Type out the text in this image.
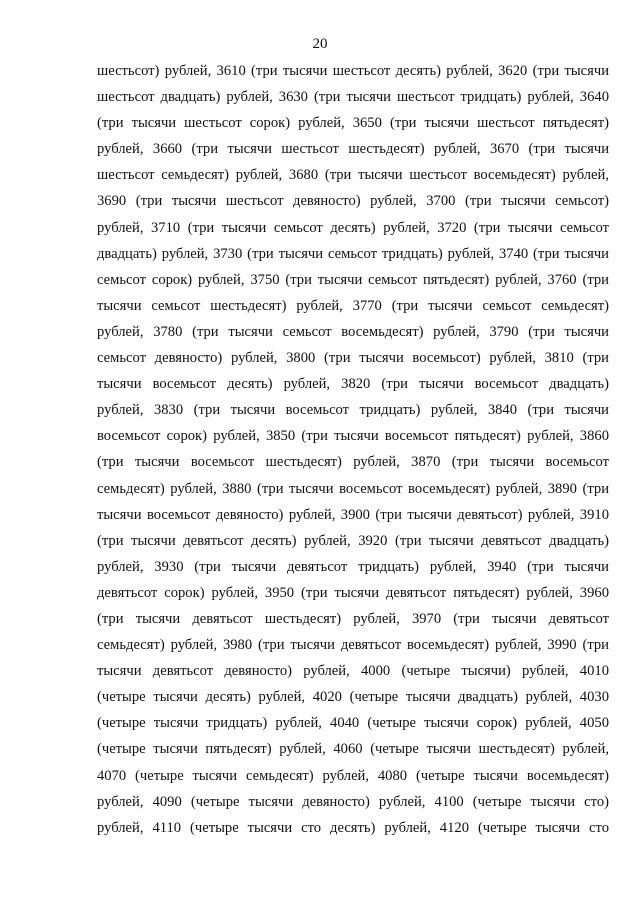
20
шестьсот) рублей, 3610 (три тысячи шестьсот десять) рублей, 3620 (три тысячи
шестьсот двадцать) рублей, 3630 (три тысячи шестьсот тридцать) рублей, 3640
(три тысячи шестьсот сорок) рублей, 3650 (три тысячи шестьсот пятьдесят)
рублей, 3660 (три тысячи шестьсот шестьдесят) рублей, 3670 (три тысячи
шестьсот семьдесят) рублей, 3680 (три тысячи шестьсот восемьдесят) рублей,
3690 (три тысячи шестьсот девяносто) рублей, 3700 (три тысячи семьсот)
рублей, 3710 (три тысячи семьсот десять) рублей, 3720 (три тысячи семьсот
двадцать) рублей, 3730 (три тысячи семьсот тридцать) рублей, 3740 (три тысячи
семьсот сорок) рублей, 3750 (три тысячи семьсот пятьдесят) рублей, 3760 (три
тысячи семьсот шестьдесят) рублей, 3770 (три тысячи семьсот семьдесят)
рублей, 3780 (три тысячи семьсот восемьдесят) рублей, 3790 (три тысячи
семьсот девяносто) рублей, 3800 (три тысячи восемьсот) рублей, 3810 (три
тысячи восемьсот десять) рублей, 3820 (три тысячи восемьсот двадцать)
рублей, 3830 (три тысячи восемьсот тридцать) рублей, 3840 (три тысячи
восемьсот сорок) рублей, 3850 (три тысячи восемьсот пятьдесят) рублей, 3860
(три тысячи восемьсот шестьдесят) рублей, 3870 (три тысячи восемьсот
семьдесят) рублей, 3880 (три тысячи восемьсот восемьдесят) рублей, 3890 (три
тысячи восемьсот девяносто) рублей, 3900 (три тысячи девятьсот) рублей, 3910
(три тысячи девятьсот десять) рублей, 3920 (три тысячи девятьсот двадцать)
рублей, 3930 (три тысячи девятьсот тридцать) рублей, 3940 (три тысячи
девятьсот сорок) рублей, 3950 (три тысячи девятьсот пятьдесят) рублей, 3960
(три тысячи девятьсот шестьдесят) рублей, 3970 (три тысячи девятьсот
семьдесят) рублей, 3980 (три тысячи девятьсот восемьдесят) рублей, 3990 (три
тысячи девятьсот девяносто) рублей, 4000 (четыре тысячи) рублей, 4010
(четыре тысячи десять) рублей, 4020 (четыре тысячи двадцать) рублей, 4030
(четыре тысячи тридцать) рублей, 4040 (четыре тысячи сорок) рублей, 4050
(четыре тысячи пятьдесят) рублей, 4060 (четыре тысячи шестьдесят) рублей,
4070 (четыре тысячи семьдесят) рублей, 4080 (четыре тысячи восемьдесят)
рублей, 4090 (четыре тысячи девяносто) рублей, 4100 (четыре тысячи сто)
рублей, 4110 (четыре тысячи сто десять) рублей, 4120 (четыре тысячи сто
